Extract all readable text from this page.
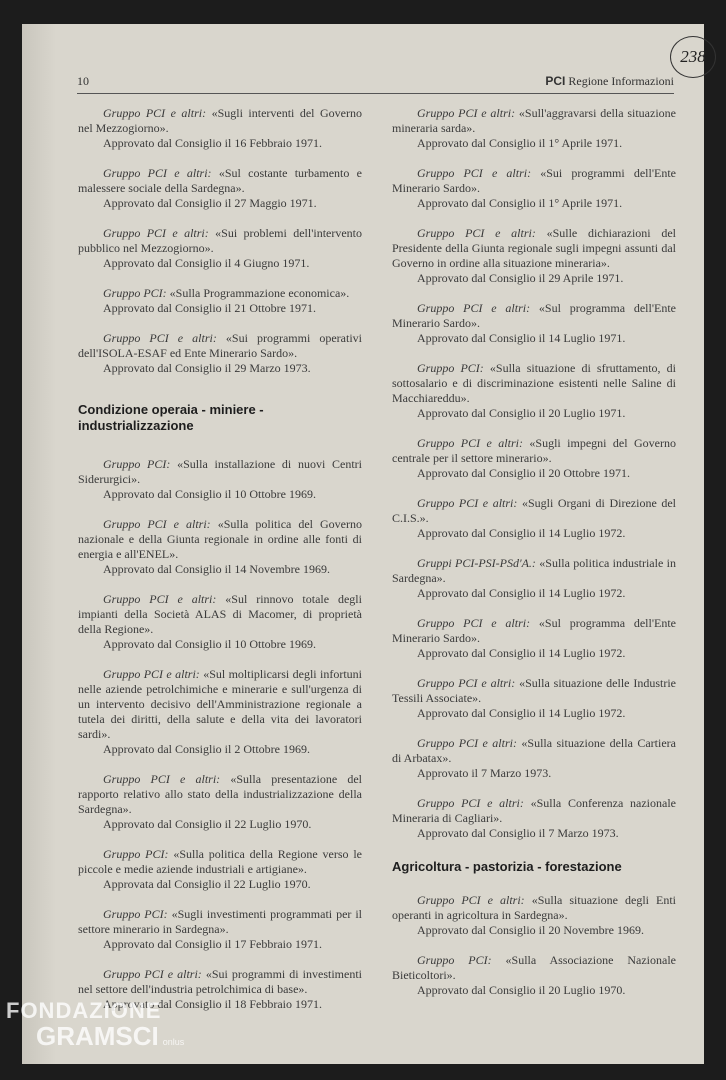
238
10	PCI Regione Informazioni
Gruppo PCI e altri: «Sugli interventi del Governo nel Mezzogiorno».
Approvato dal Consiglio il 16 Febbraio 1971.
Gruppo PCI e altri: «Sul costante turbamento e malessere sociale della Sardegna».
Approvato dal Consiglio il 27 Maggio 1971.
Gruppo PCI e altri: «Sui problemi dell'intervento pubblico nel Mezzogiorno».
Approvato dal Consiglio il 4 Giugno 1971.
Gruppo PCI: «Sulla Programmazione economica».
Approvato dal Consiglio il 21 Ottobre 1971.
Gruppo PCI e altri: «Sui programmi operativi dell'ISOLA-ESAF ed Ente Minerario Sardo».
Approvato dal Consiglio il 29 Marzo 1973.
Condizione operaia - miniere - industrializzazione
Gruppo PCI: «Sulla installazione di nuovi Centri Siderurgici».
Approvato dal Consiglio il 10 Ottobre 1969.
Gruppo PCI e altri: «Sulla politica del Governo nazionale e della Giunta regionale in ordine alle fonti di energia e all'ENEL».
Approvato dal Consiglio il 14 Novembre 1969.
Gruppo PCI e altri: «Sul rinnovo totale degli impianti della Società ALAS di Macomer, di proprietà della Regione».
Approvato dal Consiglio il 10 Ottobre 1969.
Gruppo PCI e altri: «Sul moltiplicarsi degli infortuni nelle aziende petrolchimiche e minerarie e sull'urgenza di un intervento decisivo dell'Amministrazione regionale a tutela dei diritti, della salute e della vita dei lavoratori sardi».
Approvato dal Consiglio il 2 Ottobre 1969.
Gruppo PCI e altri: «Sulla presentazione del rapporto relativo allo stato della industrializzazione della Sardegna».
Approvato dal Consiglio il 22 Luglio 1970.
Gruppo PCI: «Sulla politica della Regione verso le piccole e medie aziende industriali e artigiane».
Approvata dal Consiglio il 22 Luglio 1970.
Gruppo PCI: «Sugli investimenti programmati per il settore minerario in Sardegna».
Approvato dal Consiglio il 17 Febbraio 1971.
Gruppo PCI e altri: «Sui programmi di investimenti nel settore dell'industria petrolchimica di base».
Approvato dal Consiglio il 18 Febbraio 1971.
Gruppo PCI e altri: «Sull'aggravarsi della situazione mineraria sarda».
Approvato dal Consiglio il 1° Aprile 1971.
Gruppo PCI e altri: «Sui programmi dell'Ente Minerario Sardo».
Approvato dal Consiglio il 1° Aprile 1971.
Gruppo PCI e altri: «Sulle dichiarazioni del Presidente della Giunta regionale sugli impegni assunti dal Governo in ordine alla situazione mineraria».
Approvato dal Consiglio il 29 Aprile 1971.
Gruppo PCI e altri: «Sul programma dell'Ente Minerario Sardo».
Approvato dal Consiglio il 14 Luglio 1971.
Gruppo PCI: «Sulla situazione di sfruttamento, di sottosalario e di discriminazione esistenti nelle Saline di Macchiareddu».
Approvato dal Consiglio il 20 Luglio 1971.
Gruppo PCI e altri: «Sugli impegni del Governo centrale per il settore minerario».
Approvato dal Consiglio il 20 Ottobre 1971.
Gruppo PCI e altri: «Sugli Organi di Direzione del C.I.S.».
Approvato dal Consiglio il 14 Luglio 1972.
Gruppi PCI-PSI-PSd'A.: «Sulla politica industriale in Sardegna».
Approvato dal Consiglio il 14 Luglio 1972.
Gruppo PCI e altri: «Sul programma dell'Ente Minerario Sardo».
Approvato dal Consiglio il 14 Luglio 1972.
Gruppo PCI e altri: «Sulla situazione delle Industrie Tessili Associate».
Approvato dal Consiglio il 14 Luglio 1972.
Gruppo PCI e altri: «Sulla situazione della Cartiera di Arbatax».
Approvato il 7 Marzo 1973.
Gruppo PCI e altri: «Sulla Conferenza nazionale Mineraria di Cagliari».
Approvato dal Consiglio il 7 Marzo 1973.
Agricoltura - pastorizia - forestazione
Gruppo PCI e altri: «Sulla situazione degli Enti operanti in agricoltura in Sardegna».
Approvato dal Consiglio il 20 Novembre 1969.
Gruppo PCI: «Sulla Associazione Nazionale Bieticoltori».
Approvato dal Consiglio il 20 Luglio 1970.
FONDAZIONE
GRAMSCI onlus
